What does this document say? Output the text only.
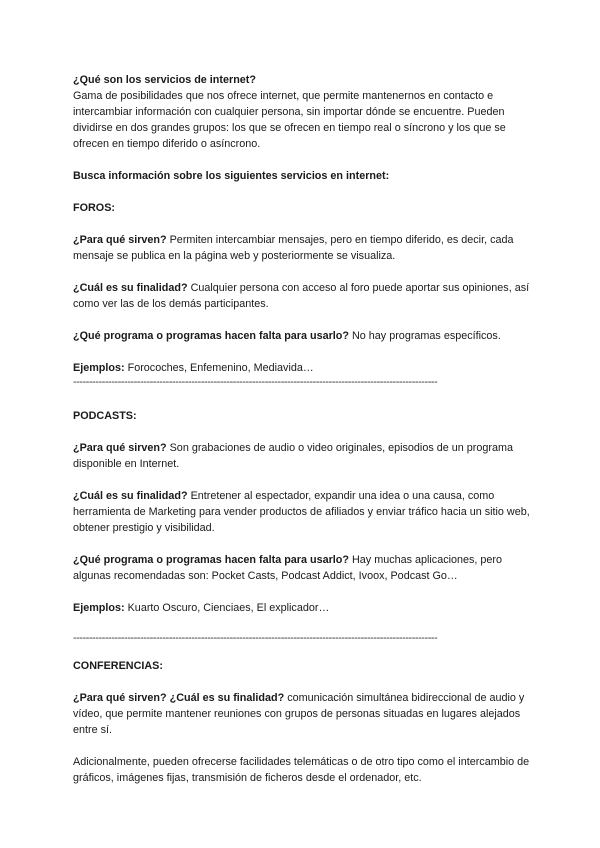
¿Qué son los servicios de internet?

Gama de posibilidades que nos ofrece internet, que permite mantenernos en contacto e intercambiar información con cualquier persona, sin importar dónde se encuentre. Pueden dividirse en dos grandes grupos: los que se ofrecen en tiempo real o síncrono y los que se ofrecen en tiempo diferido o asíncrono.

Busca información sobre los siguientes servicios en internet:

FOROS:

¿Para qué sirven? Permiten intercambiar mensajes, pero en tiempo diferido, es decir, cada mensaje se publica en la página web y posteriormente se visualiza.

¿Cuál es su finalidad? Cualquier persona con acceso al foro puede aportar sus opiniones, así como ver las de los demás participantes.

¿Qué programa o programas hacen falta para usarlo? No hay programas específicos.

Ejemplos: Forocoches, Enfemenino, Mediavida…

------------------------------------------------------------------------------------------------------------------

PODCASTS:

¿Para qué sirven? Son grabaciones de audio o video originales, episodios de un programa disponible en Internet.

¿Cuál es su finalidad? Entretener al espectador, expandir una idea o una causa, como herramienta de Marketing para vender productos de afiliados y enviar tráfico hacia un sitio web, obtener prestigio y visibilidad.

¿Qué programa o programas hacen falta para usarlo? Hay muchas aplicaciones, pero algunas recomendadas son: Pocket Casts, Podcast Addict, Ivoox, Podcast Go…

Ejemplos: Kuarto Oscuro, Cienciaes, El explicador…

------------------------------------------------------------------------------------------------------------------

CONFERENCIAS:

¿Para qué sirven? ¿Cuál es su finalidad? comunicación simultánea bidireccional de audio y vídeo, que permite mantener reuniones con grupos de personas situadas en lugares alejados entre sí.

Adicionalmente, pueden ofrecerse facilidades telemáticas o de otro tipo como el intercambio de gráficos, imágenes fijas, transmisión de ficheros desde el ordenador, etc.
